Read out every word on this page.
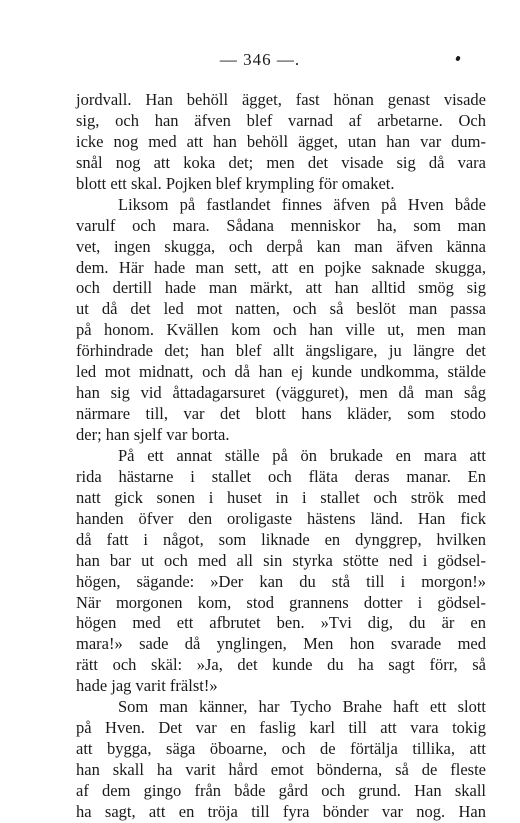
— 346 —.
jordvall. Han behöll ägget, fast hönan genast visade
sig, och han äfven blef varnad af arbetarne. Och
icke nog med att han behöll ägget, utan han var dum-
snål nog att koka det; men det visade sig då vara
blott ett skal. Pojken blef krympling för omaket.
Liksom på fastlandet finnes äfven på Hven både
varulf och mara. Sådana menniskor ha, som man
vet, ingen skugga, och derpå kan man äfven känna
dem. Här hade man sett, att en pojke saknade skugga,
och dertill hade man märkt, att han alltid smög sig
ut då det led mot natten, och så beslöt man passa
på honom. Kvällen kom och han ville ut, men man
förhindrade det; han blef allt ängsligare, ju längre det
led mot midnatt, och då han ej kunde undkomma, stälde
han sig vid åttadagarsuret (vägguret), men då man såg
närmare till, var det blott hans kläder, som stodo
der; han sjelf var borta.
På ett annat ställe på ön brukade en mara att
rida hästarne i stallet och fläta deras manar. En
natt gick sonen i huset in i stallet och strök med
handen öfver den oroligaste hästens länd. Han fick
då fatt i något, som liknade en dynggrep, hvilken
han bar ut och med all sin styrka stötte ned i gödsel-
högen, sägande: »Der kan du stå till i morgon!»
När morgonen kom, stod grannens dotter i gödsel-
högen med ett afbrutet ben. »Tvi dig, du är en
mara!» sade då ynglingen, Men hon svarade med
rätt och skäl: »Ja, det kunde du ha sagt förr, så
hade jag varit frälst!»
Som man känner, har Tycho Brahe haft ett slott
på Hven. Det var en faslig karl till att vara tokig
att bygga, säga öboarne, och de förtälja tillika, att
han skall ha varit hård emot bönderna, så de fleste
af dem gingo från både gård och grund. Han skall
ha sagt, att en tröja till fyra bönder var nog. Han
